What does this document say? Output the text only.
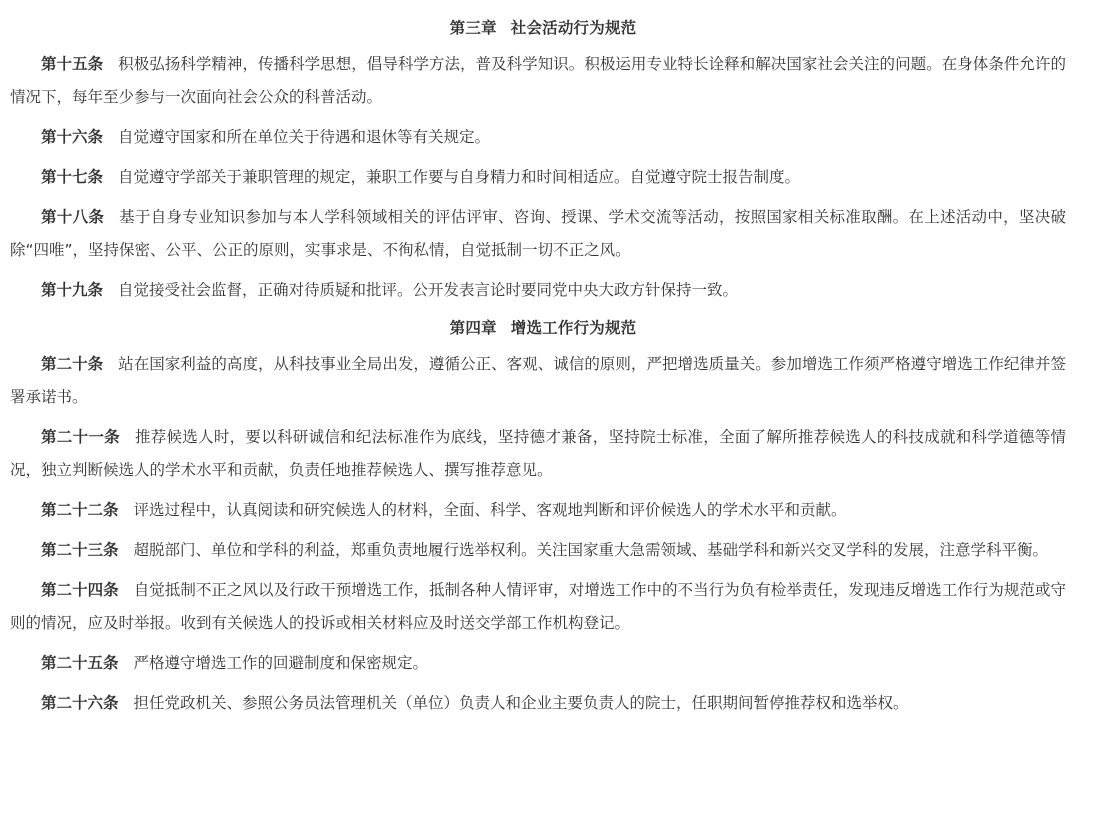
第三章 社会活动行为规范

第十五条 积极弘扬科学精神，传播科学思想，倡导科学方法，普及科学知识。积极运用专业特长诠释和解决国家社会关注的问题。在身体条件允许的情况下，每年至少参与一次面向社会公众的科普活动。

第十六条 自觉遵守国家和所在单位关于待遇和退休等有关规定。

第十七条 自觉遵守学部关于兼职管理的规定，兼职工作要与自身精力和时间相适应。自觉遵守院士报告制度。

第十八条 基于自身专业知识参加与本人学科领域相关的评估评审、咨询、授课、学术交流等活动，按照国家相关标准取酬。在上述活动中，坚决破除“四唯”，坚持保密、公平、公正的原则，实事求是、不徇私情，自觉抵制一切不正之风。

第十九条 自觉接受社会监督，正确对待质疑和批评。公开发表言论时要同党中央大政方针保持一致。

第四章 增选工作行为规范

第二十条 站在国家利益的高度，从科技事业全局出发，遵循公正、客观、诚信的原则，严把增选质量关。参加增选工作须严格遵守增选工作纪律并签署承诺书。

第二十一条 推荐候选人时，要以科研诚信和纪法标准作为底线，坚持德才兼备，坚持院士标准，全面了解所推荐候选人的科技成就和科学道德等情况，独立判断候选人的学术水平和贡献，负责任地推荐候选人、撰写推荐意见。

第二十二条 评选过程中，认真阅读和研究候选人的材料，全面、科学、客观地判断和评价候选人的学术水平和贡献。

第二十三条 超脱部门、单位和学科的利益，郑重负责地履行选举权利。关注国家重大急需领域、基础学科和新兴交叉学科的发展，注意学科平衡。

第二十四条 自觉抵制不正之风以及行政干预增选工作，抵制各种人情评审，对增选工作中的不当行为负有检举责任，发现违反增选工作行为规范或守则的情况，应及时举报。收到有关候选人的投诉或相关材料应及时送交学部工作机构登记。

第二十五条 严格遵守增选工作的回避制度和保密规定。

第二十六条 担任党政机关、参照公务员法管理机关（单位）负责人和企业主要负责人的院士，任职期间暂停推荐权和选举权。
